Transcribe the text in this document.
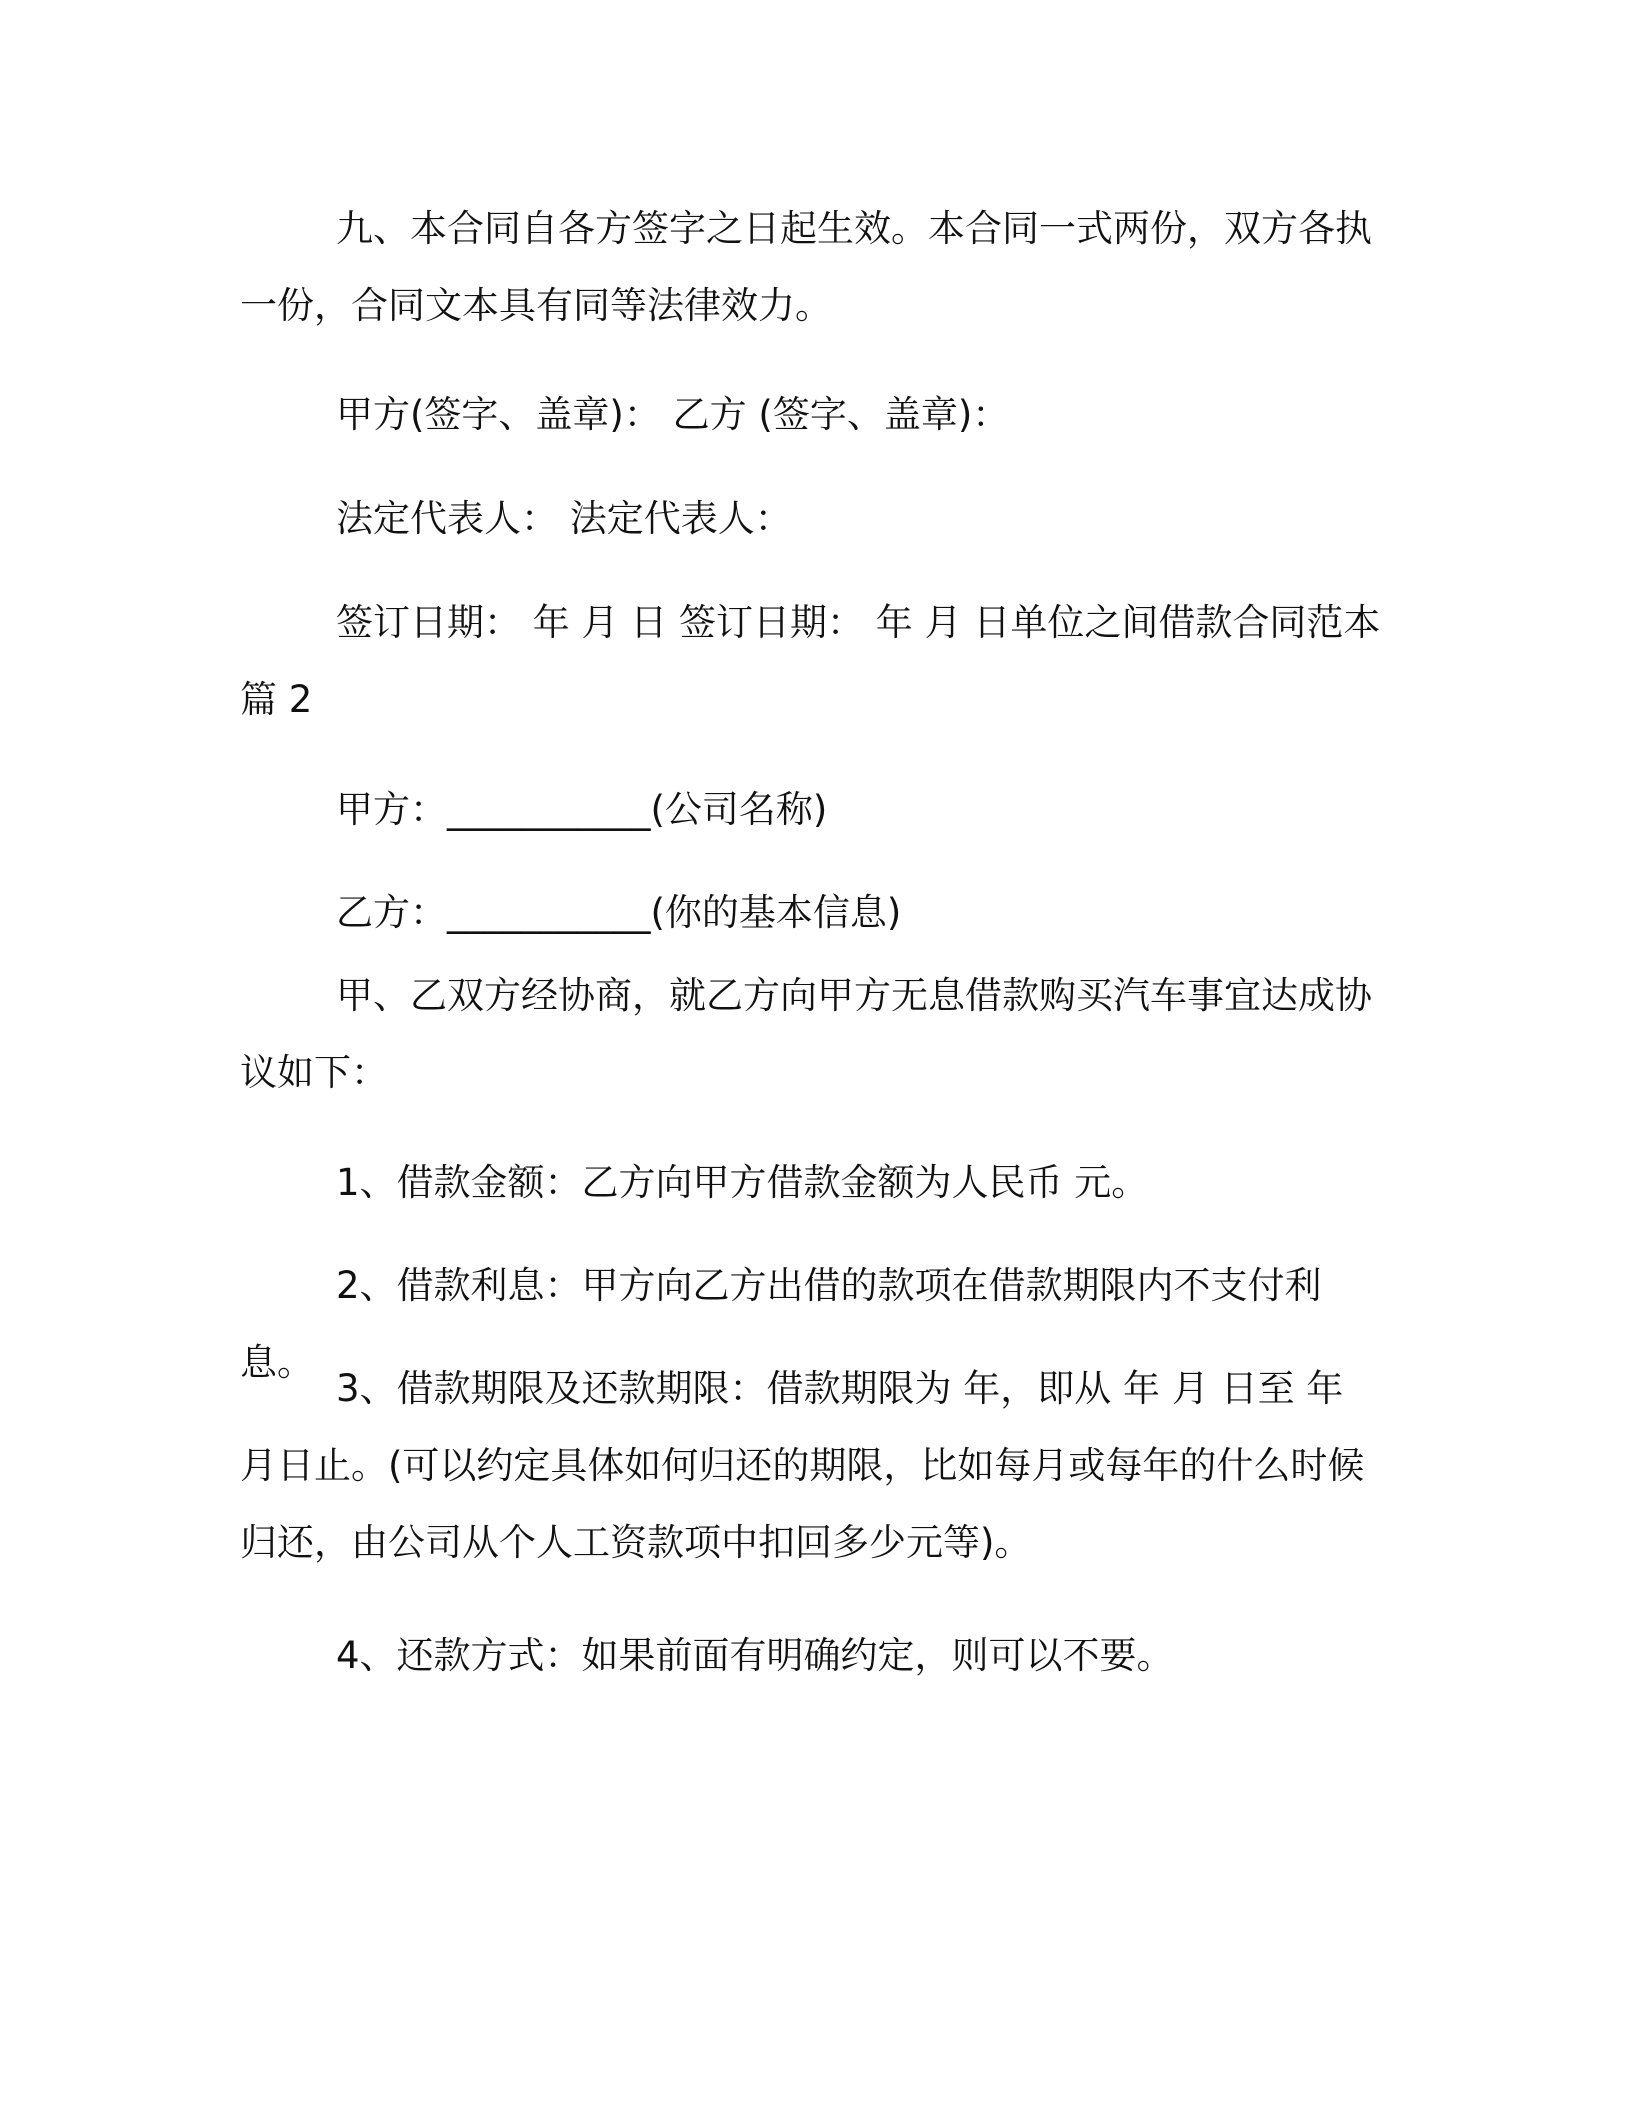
九、本合同自各方签字之日起生效。本合同一式两份，双方各执一份，合同文本具有同等法律效力。

甲方(签字、盖章)： 乙方 (签字、盖章)：

法定代表人： 法定代表人：

签订日期： 年 月 日 签订日期： 年 月 日单位之间借款合同范本篇 2

甲方：___________(公司名称)

乙方：___________(你的基本信息)

甲、乙双方经协商，就乙方向甲方无息借款购买汽车事宜达成协议如下：

1、借款金额：乙方向甲方借款金额为人民币 元。

2、借款利息：甲方向乙方出借的款项在借款期限内不支付利息。

3、借款期限及还款期限：借款期限为 年，即从 年 月 日至 年 月日止。(可以约定具体如何归还的期限，比如每月或每年的什么时候归还，由公司从个人工资款项中扣回多少元等)。

4、还款方式：如果前面有明确约定，则可以不要。
